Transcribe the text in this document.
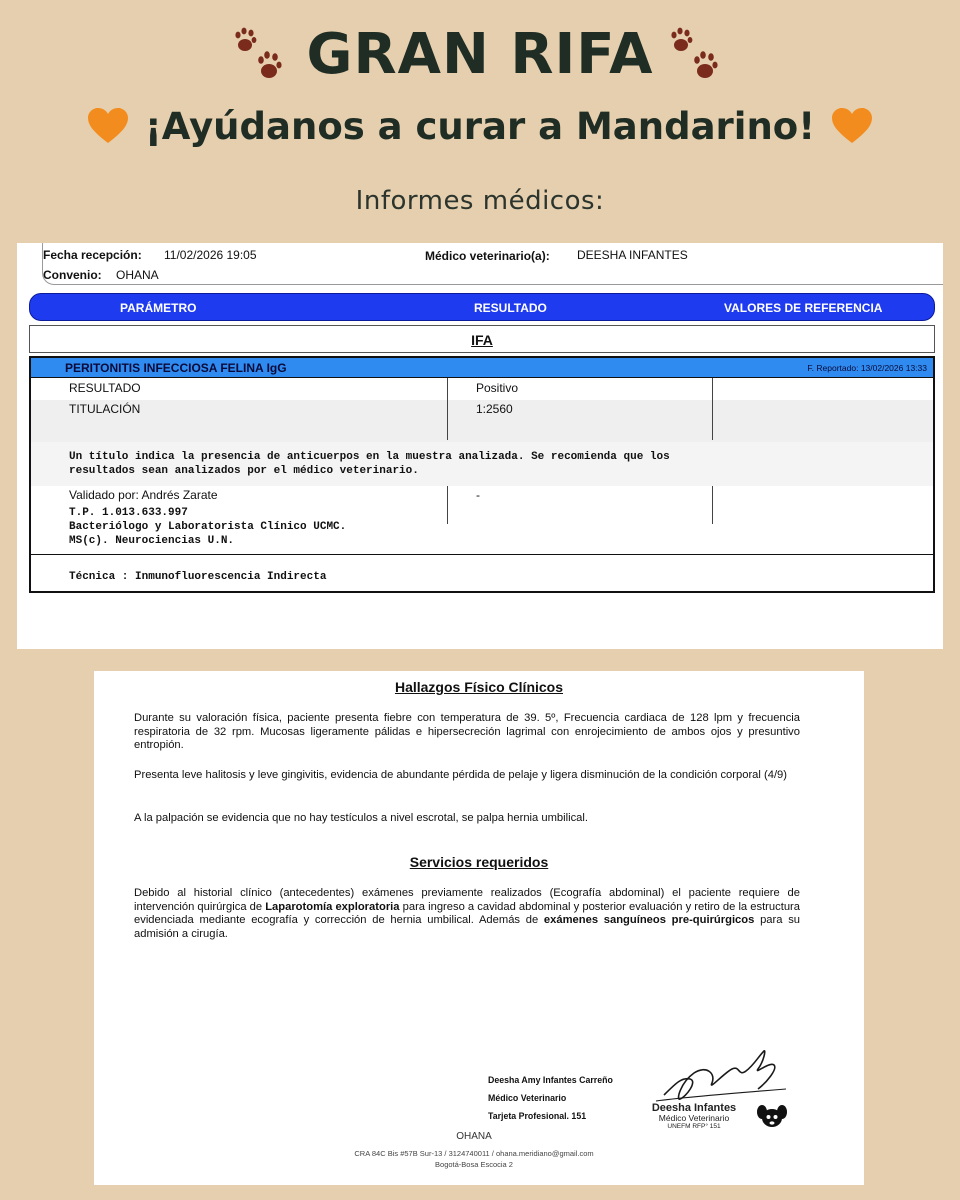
GRAN RIFA
¡Ayúdanos a curar a Mandarino!
Informes médicos:
Fecha recepción: 11/02/2026 19:05	Médico veterinario(a): DEESHA INFANTES
Convenio: OHANA
PARÁMETRO	RESULTADO	VALORES DE REFERENCIA
IFA
PERITONITIS INFECCIOSA FELINA IgG	F. Reportado: 13/02/2026 13:33
RESULTADO	Positivo
TITULACIÓN	1:2560
Un título indica la presencia de anticuerpos en la muestra analizada. Se recomienda que los
resultados sean analizados por el médico veterinario.
Validado por: Andrés Zarate	-
T.P. 1.013.633.997
Bacteriólogo y Laboratorista Clínico UCMC.
MS(c). Neurociencias U.N.
Técnica : Inmunofluorescencia Indirecta
Hallazgos Físico Clínicos

Durante su valoración física, paciente presenta fiebre con temperatura de 39. 5º, Frecuencia cardiaca de 128 lpm y frecuencia respiratoria de 32 rpm. Mucosas ligeramente pálidas e hipersecreción lagrimal con enrojecimiento de ambos ojos y presuntivo entropión.

Presenta leve halitosis y leve gingivitis, evidencia de abundante pérdida de pelaje y ligera disminución de la condición corporal (4/9)

A la palpación se evidencia que no hay testículos a nivel escrotal, se palpa hernia umbilical.

Servicios requeridos

Debido al historial clínico (antecedentes) exámenes previamente realizados (Ecografía abdominal) el paciente requiere de intervención quirúrgica de Laparotomía exploratoria para ingreso a cavidad abdominal y posterior evaluación y retiro de la estructura evidenciada mediante ecografía y corrección de hernia umbilical. Además de exámenes sanguíneos pre-quirúrgicos para su admisión a cirugía.

Deesha Amy Infantes Carreño
Médico Veterinario
Tarjeta Profesional. 151
Deesha Infantes
Médico Veterinario
UNEFM RFP° 151
OHANA
CRA 84C Bis #57B Sur-13 / 3124740011 / ohana.meridiano@gmail.com
Bogotá-Bosa Escocia 2
